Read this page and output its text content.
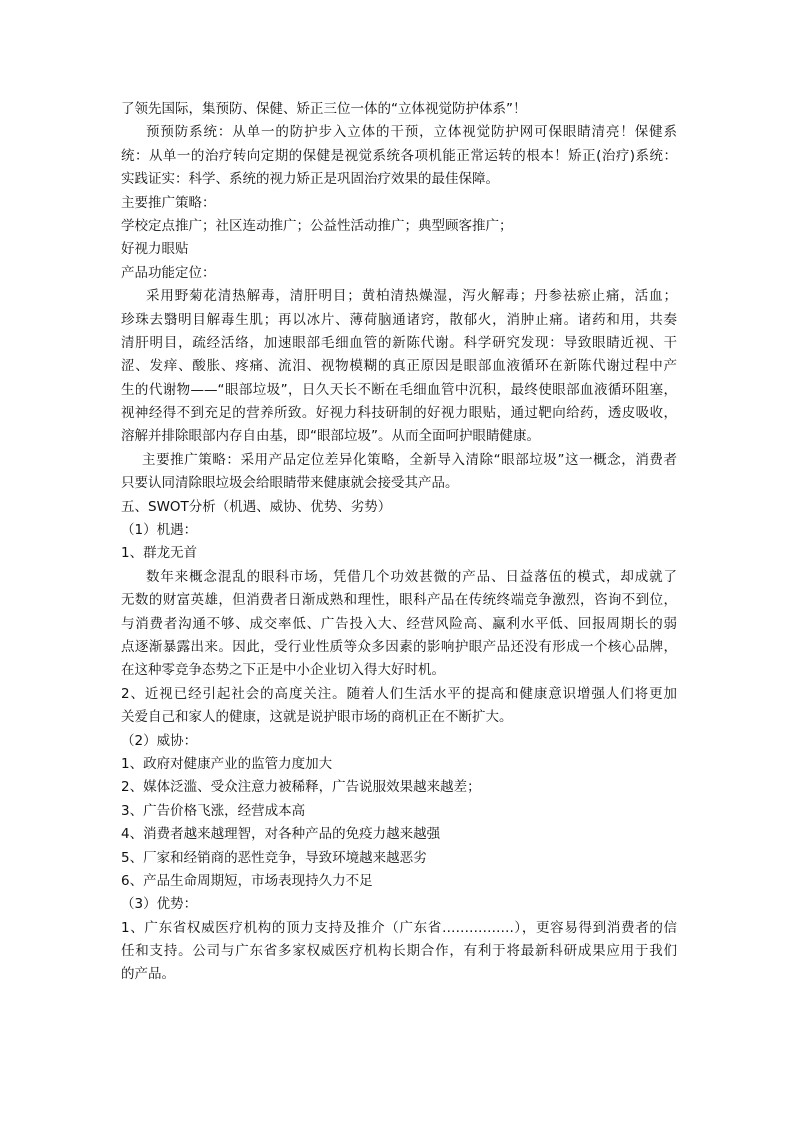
了领先国际，集预防、保健、矫正三位一体的“立体视觉防护体系”！
预预防系统：从单一的防护步入立体的干预，立体视觉防护网可保眼睛清亮！保健系
统：从单一的治疗转向定期的保健是视觉系统各项机能正常运转的根本！矫正(治疗)系统：
实践证实：科学、系统的视力矫正是巩固治疗效果的最佳保障。
主要推广策略：
学校定点推广；社区连动推广；公益性活动推广；典型顾客推广；
好视力眼贴
产品功能定位：
采用野菊花清热解毒，清肝明目；黄柏清热燥湿，泻火解毒；丹参祛瘀止痛，活血；
珍珠去翳明目解毒生肌；再以冰片、薄荷脑通诸窍，散郁火，消肿止痛。诸药和用，共奏
清肝明目，疏经活络，加速眼部毛细血管的新陈代谢。科学研究发现：导致眼睛近视、干
涩、发痒、酸胀、疼痛、流泪、视物模糊的真正原因是眼部血液循环在新陈代谢过程中产
生的代谢物——“眼部垃圾”，日久天长不断在毛细血管中沉积，最终使眼部血液循环阻塞，
视神经得不到充足的营养所致。好视力科技研制的好视力眼贴，通过靶向给药，透皮吸收，
溶解并排除眼部内存自由基，即“眼部垃圾”。从而全面呵护眼睛健康。
主要推广策略：采用产品定位差异化策略，全新导入清除“眼部垃圾”这一概念，消费者
只要认同清除眼垃圾会给眼睛带来健康就会接受其产品。
五、SWOT分析（机遇、威协、优势、劣势）
（1）机遇：
1、群龙无首
数年来概念混乱的眼科市场，凭借几个功效甚微的产品、日益落伍的模式，却成就了
无数的财富英雄，但消费者日渐成熟和理性，眼科产品在传统终端竞争激烈，咨询不到位，
与消费者沟通不够、成交率低、广告投入大、经营风险高、赢利水平低、回报周期长的弱
点逐渐暴露出来。因此，受行业性质等众多因素的影响护眼产品还没有形成一个核心品牌，
在这种零竞争态势之下正是中小企业切入得大好时机。
2、近视已经引起社会的高度关注。随着人们生活水平的提高和健康意识增强人们将更加
关爱自己和家人的健康，这就是说护眼市场的商机正在不断扩大。
（2）威协：
1、政府对健康产业的监管力度加大
2、媒体泛滥、受众注意力被稀释，广告说服效果越来越差；
3、广告价格飞涨，经营成本高
4、消费者越来越理智，对各种产品的免疫力越来越强
5、厂家和经销商的恶性竞争，导致环境越来越恶劣
6、产品生命周期短，市场表现持久力不足
（3）优势：
1、广东省权威医疗机构的顶力支持及推介（广东省…………….），更容易得到消费者的信
任和支持。公司与广东省多家权威医疗机构长期合作，有利于将最新科研成果应用于我们
的产品。
